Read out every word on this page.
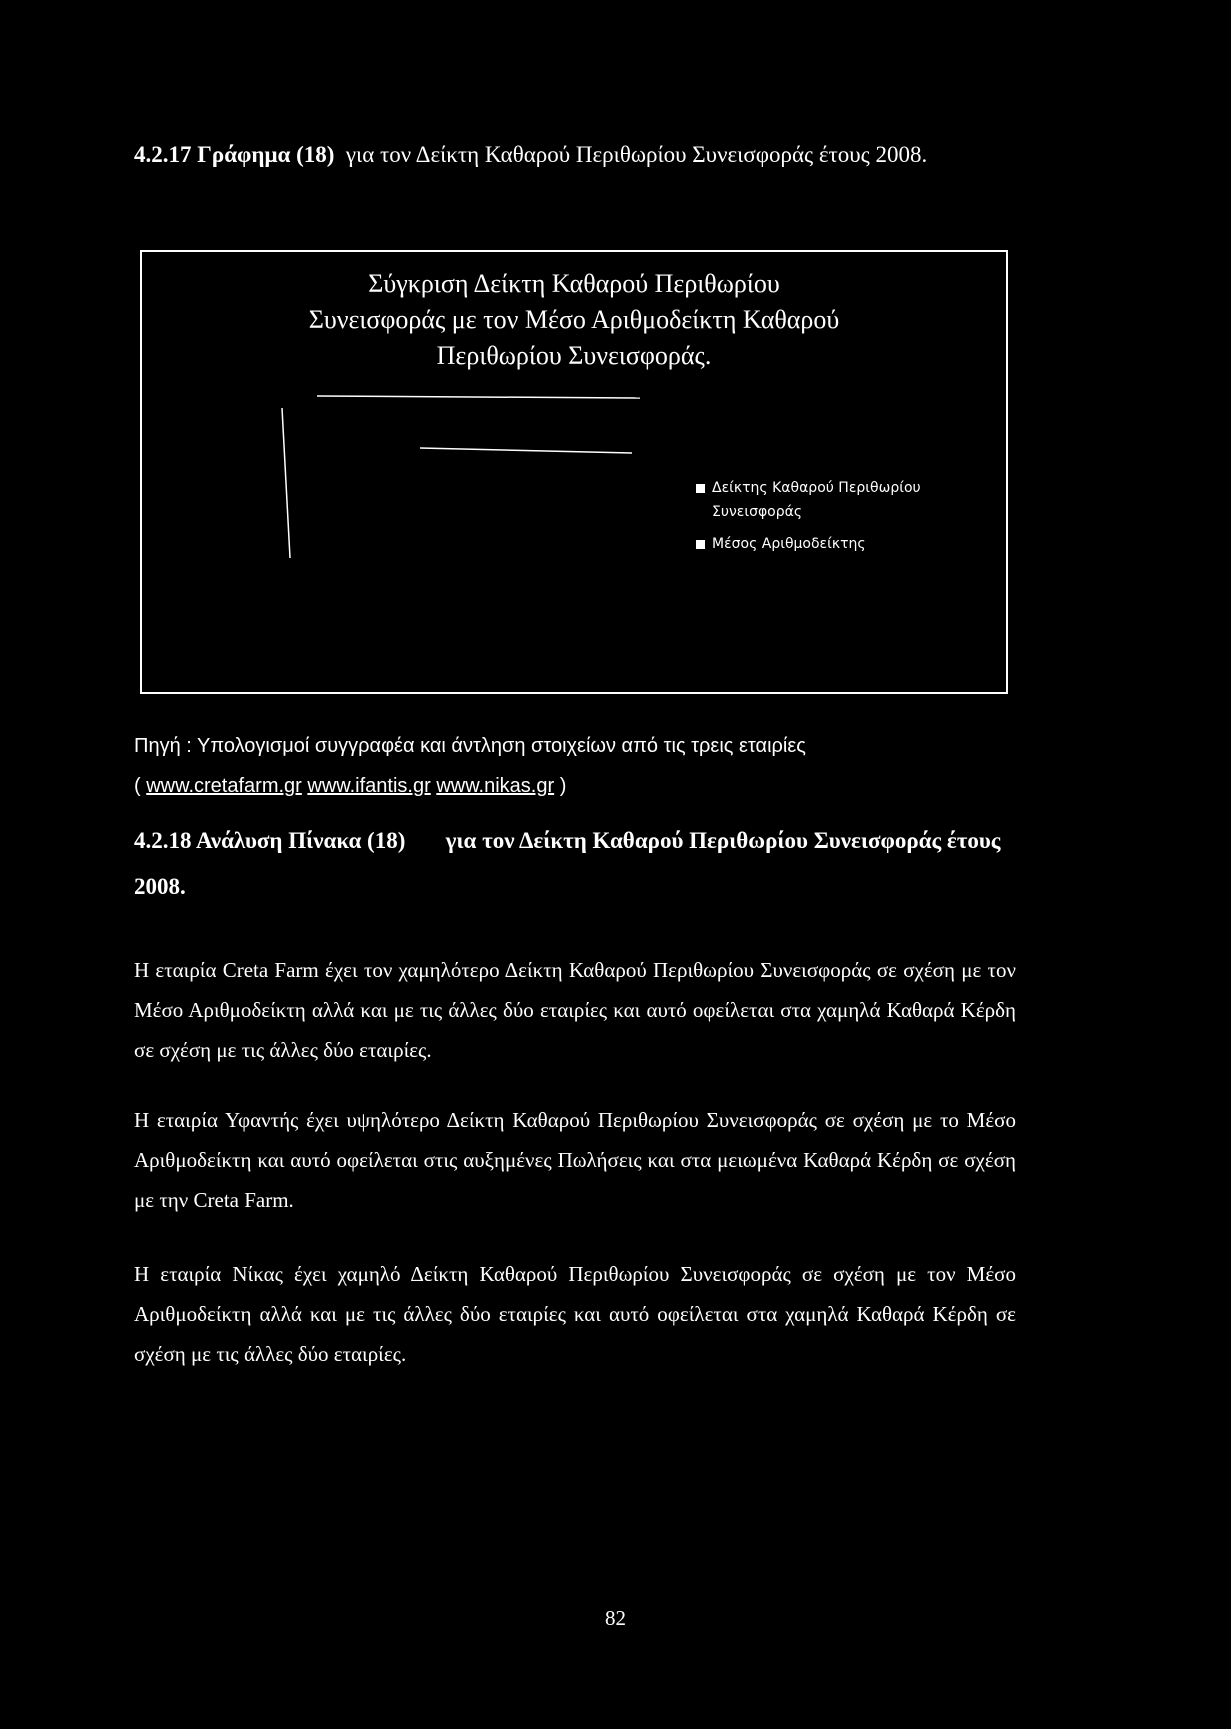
4.2.17 Γράφημα (18) για τον Δείκτη Καθαρού Περιθωρίου Συνεισφοράς έτους 2008.
Σύγκριση Δείκτη Καθαρού Περιθωρίου
Συνεισφοράς με τον Μέσο Αριθμοδείκτη Καθαρού
Περιθωρίου Συνεισφοράς.
Δείκτης Καθαρού Περιθωρίου
Συνεισφοράς
Μέσος Αριθμοδείκτης
Πηγή : Υπολογισμοί συγγραφέα και άντληση στοιχείων από τις τρεις εταιρίες
( www.cretafarm.gr www.ifantis.gr www.nikas.gr )
4.2.18 Ανάλυση Πίνακα (18) για τον Δείκτη Καθαρού Περιθωρίου Συνεισφοράς έτους 2008.

Η εταιρία Creta Farm έχει τον χαμηλότερο Δείκτη Καθαρού Περιθωρίου Συνεισφοράς σε σχέση με τον Μέσο Αριθμοδείκτη αλλά και με τις άλλες δύο εταιρίες και αυτό οφείλεται στα χαμηλά Καθαρά Κέρδη σε σχέση με τις άλλες δύο εταιρίες.

Η εταιρία Υφαντής έχει υψηλότερο Δείκτη Καθαρού Περιθωρίου Συνεισφοράς σε σχέση με το Μέσο Αριθμοδείκτη και αυτό οφείλεται στις αυξημένες Πωλήσεις και στα μειωμένα Καθαρά Κέρδη σε σχέση με την Creta Farm.

Η εταιρία Νίκας έχει χαμηλό Δείκτη Καθαρού Περιθωρίου Συνεισφοράς σε σχέση με τον Μέσο Αριθμοδείκτη αλλά και με τις άλλες δύο εταιρίες και αυτό οφείλεται στα χαμηλά Καθαρά Κέρδη σε σχέση με τις άλλες δύο εταιρίες.

82
